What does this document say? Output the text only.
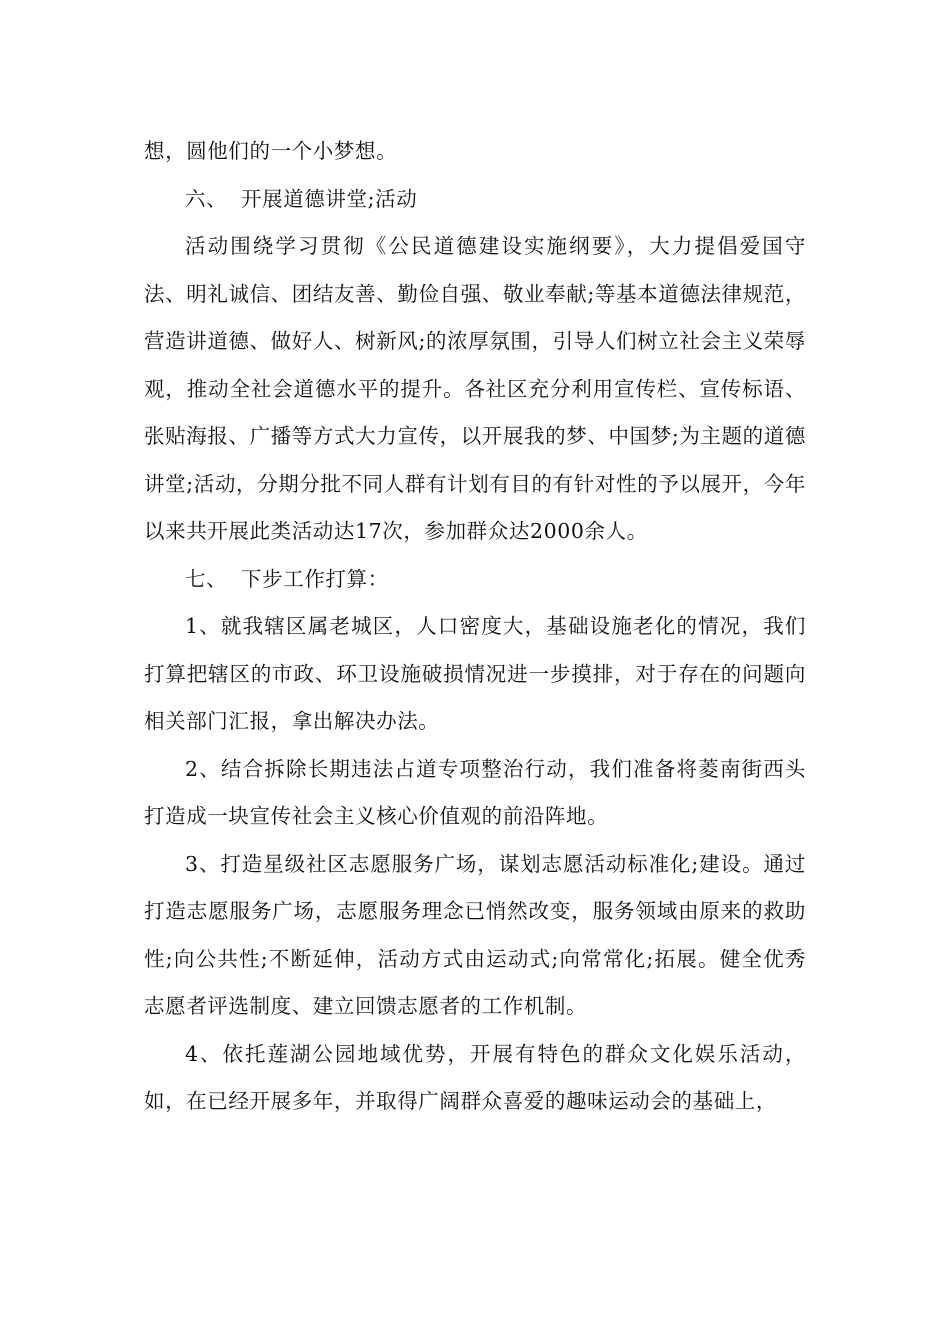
想，圆他们的一个小梦想。

六、 开展道德讲堂;活动

活动围绕学习贯彻《公民道德建设实施纲要》，大力提倡爱国守法、明礼诚信、团结友善、勤俭自强、敬业奉献;等基本道德法律规范，营造讲道德、做好人、树新风;的浓厚氛围，引导人们树立社会主义荣辱观，推动全社会道德水平的提升。各社区充分利用宣传栏、宣传标语、张贴海报、广播等方式大力宣传，以开展我的梦、中国梦;为主题的道德讲堂;活动，分期分批不同人群有计划有目的有针对性的予以展开，今年以来共开展此类活动达17次，参加群众达2000余人。

七、 下步工作打算：

1、就我辖区属老城区，人口密度大，基础设施老化的情况，我们打算把辖区的市政、环卫设施破损情况进一步摸排，对于存在的问题向相关部门汇报，拿出解决办法。

2、结合拆除长期违法占道专项整治行动，我们准备将菱南街西头打造成一块宣传社会主义核心价值观的前沿阵地。

3、打造星级社区志愿服务广场，谋划志愿活动标准化;建设。通过打造志愿服务广场，志愿服务理念已悄然改变，服务领域由原来的救助性;向公共性;不断延伸，活动方式由运动式;向常常化;拓展。健全优秀志愿者评选制度、建立回馈志愿者的工作机制。

4、依托莲湖公园地域优势，开展有特色的群众文化娱乐活动，如，在已经开展多年，并取得广阔群众喜爱的趣味运动会的基础上，
